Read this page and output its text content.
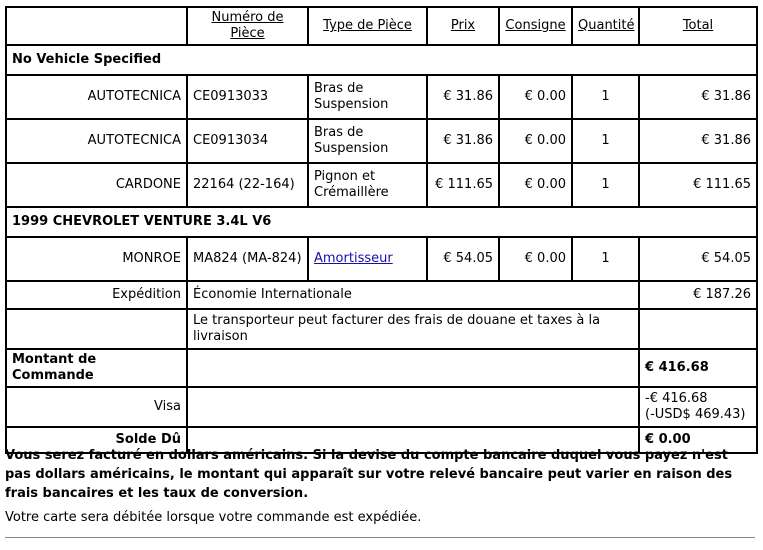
	Numéro de Pièce	Type de Pièce	Prix	Consigne	Quantité	Total
No Vehicle Specified						
AUTOTECNICA	CE0913033	Bras de Suspension	€ 31.86	€ 0.00	1	€ 31.86
AUTOTECNICA	CE0913034	Bras de Suspension	€ 31.86	€ 0.00	1	€ 31.86
CARDONE	22164 (22-164)	Pignon et Crémaillère	€ 111.65	€ 0.00	1	€ 111.65
1999 CHEVROLET VENTURE 3.4L V6						
MONROE	MA824 (MA-824)	Amortisseur	€ 54.05	€ 0.00	1	€ 54.05
Expédition	Économie Internationale					€ 187.26
	Le transporteur peut facturer des frais de douane et taxes à la livraison					
Montant de Commande						€ 416.68
Visa						-€ 416.68
(-USD$ 469.43)

Solde Dû						€ 0.00
Vous serez facturé en dollars américains. Si la devise du compte bancaire duquel vous payez n'est pas dollars américains, le montant qui apparaît sur votre relevé bancaire peut varier en raison des frais bancaires et les taux de conversion.
Votre carte sera débitée lorsque votre commande est expédiée.
